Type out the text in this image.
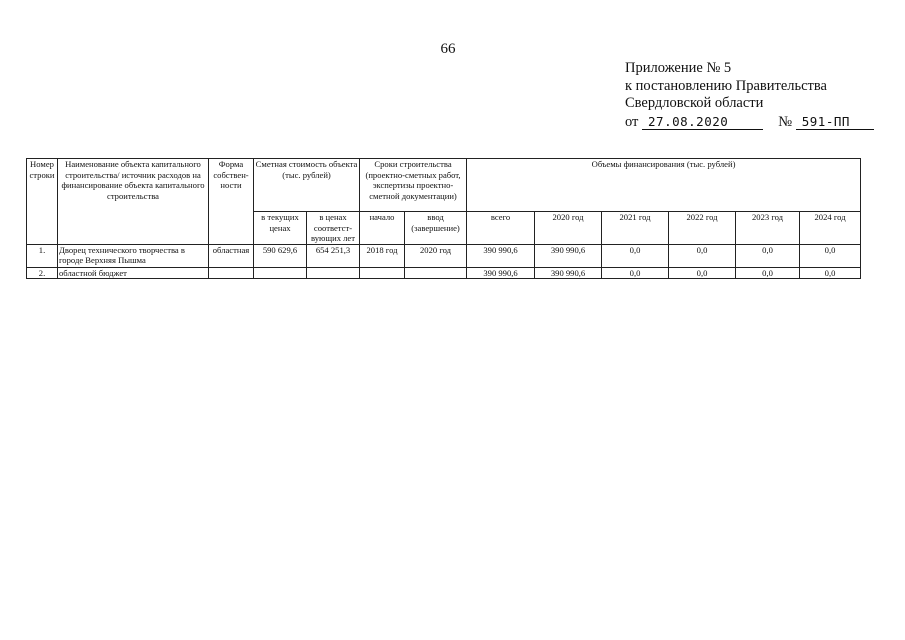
66
Приложение № 5
к постановлению Правительства
Свердловской области
от 27.08.2020	№ 591-ПП
Номер строки	Наименование объекта капитального строительства/ источник расходов на финансирование объекта капитального строительства	Форма собствен-ности	Сметная стоимость объекта (тыс. рублей)		Сроки строительства (проектно-сметных работ, экспертизы проектно-сметной документации)		Объемы финансирования (тыс. рублей)					
			в текущих ценах	в ценах соответст-вующих лет	начало	ввод (завершение)	всего	2020 год	2021 год	2022 год	2023 год	2024 год
1.	Дворец технического творчества в городе Верхняя Пышма	областная	590 629,6	654 251,3	2018 год	2020 год	390 990,6	390 990,6	0,0	0,0	0,0	0,0
2.	областной бюджет						390 990,6	390 990,6	0,0	0,0	0,0	0,0
